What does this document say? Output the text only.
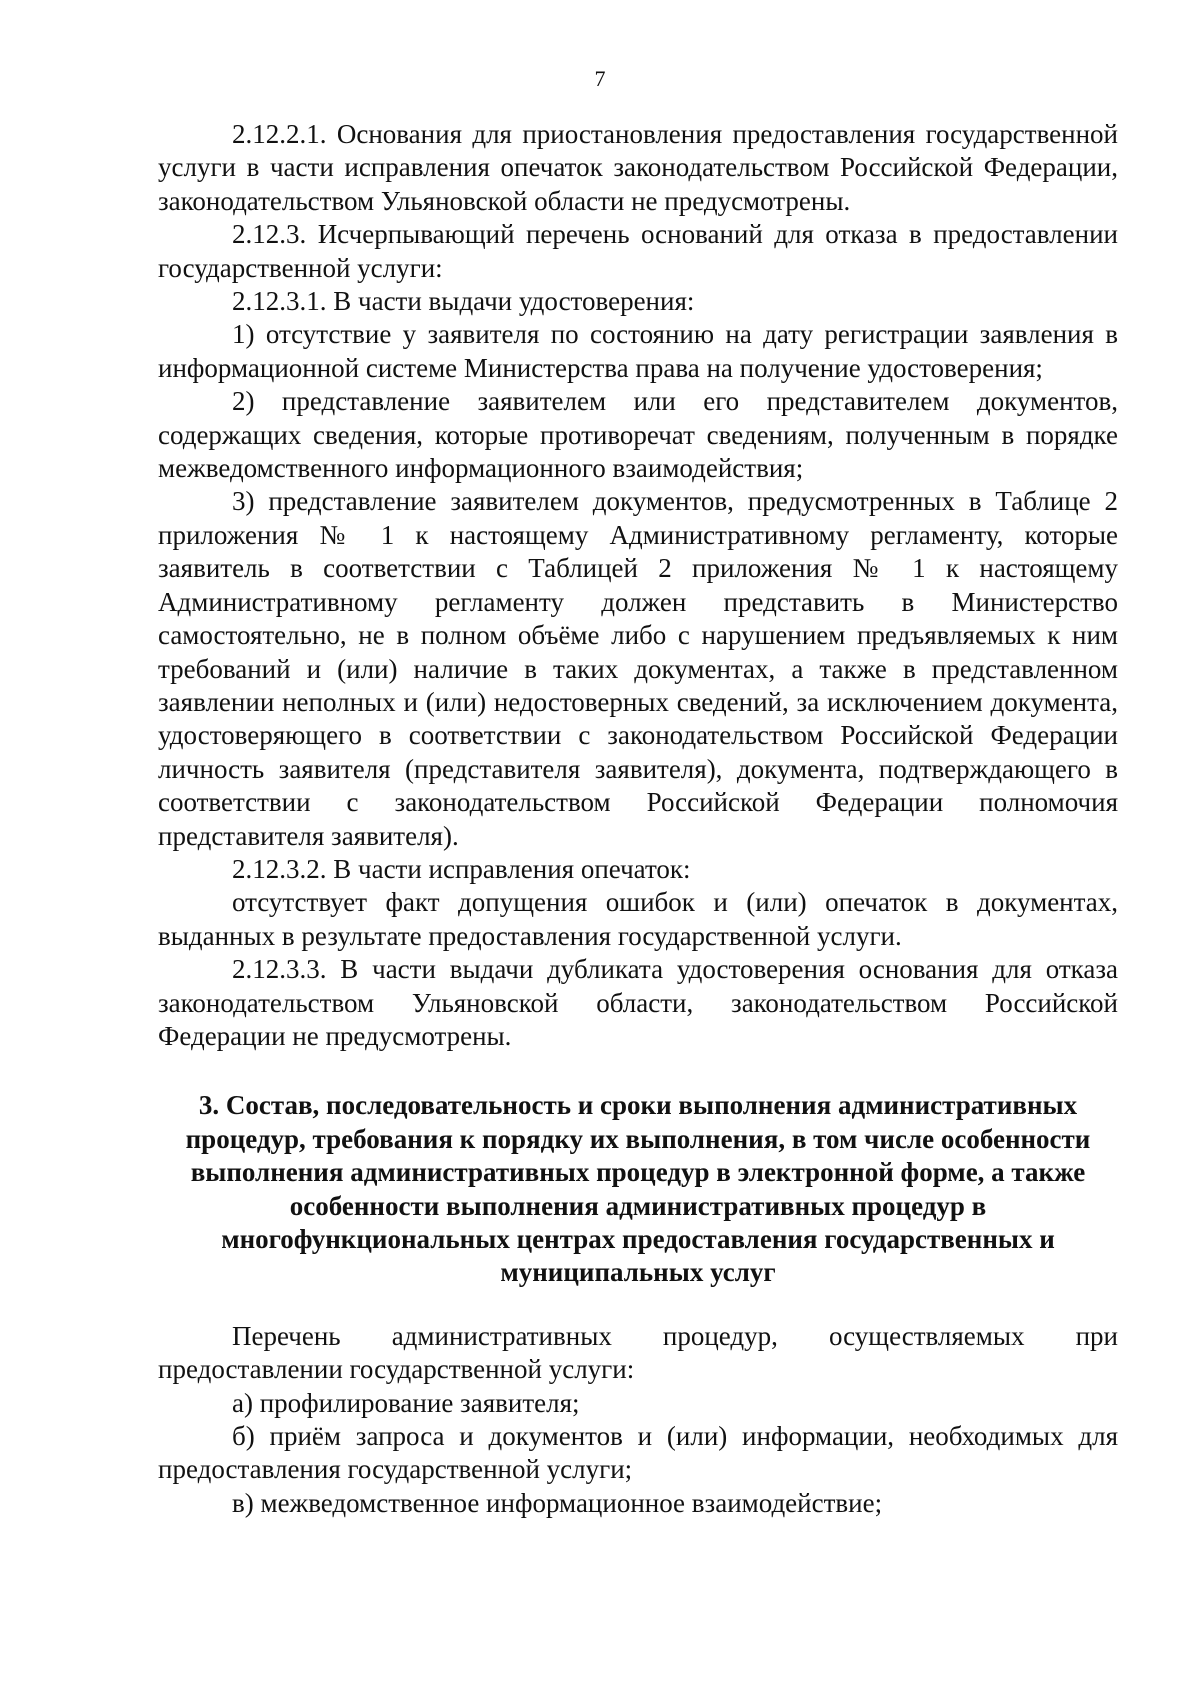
7

2.12.2.1. Основания для приостановления предоставления государственной услуги в части исправления опечаток законодательством Российской Федерации, законодательством Ульяновской области не предусмотрены.

2.12.3. Исчерпывающий перечень оснований для отказа в предоставлении государственной услуги:

2.12.3.1. В части выдачи удостоверения:

1) отсутствие у заявителя по состоянию на дату регистрации заявления в информационной системе Министерства права на получение удостоверения;

2) представление заявителем или его представителем документов, содержащих сведения, которые противоречат сведениям, полученным в порядке межведомственного информационного взаимодействия;

3) представление заявителем документов, предусмотренных в Таблице 2 приложения № 1 к настоящему Административному регламенту, которые заявитель в соответствии с Таблицей 2 приложения № 1 к настоящему Административному регламенту должен представить в Министерство самостоятельно, не в полном объёме либо с нарушением предъявляемых к ним требований и (или) наличие в таких документах, а также в представленном заявлении неполных и (или) недостоверных сведений, за исключением документа, удостоверяющего в соответствии с законодательством Российской Федерации личность заявителя (представителя заявителя), документа, подтверждающего в соответствии с законодательством Российской Федерации полномочия представителя заявителя).

2.12.3.2. В части исправления опечаток:

отсутствует факт допущения ошибок и (или) опечаток в документах, выданных в результате предоставления государственной услуги.

2.12.3.3. В части выдачи дубликата удостоверения основания для отказа законодательством Ульяновской области, законодательством Российской Федерации не предусмотрены.

3. Состав, последовательность и сроки выполнения административных процедур, требования к порядку их выполнения, в том числе особенности выполнения административных процедур в электронной форме, а также особенности выполнения административных процедур в многофункциональных центрах предоставления государственных и муниципальных услуг

Перечень административных процедур, осуществляемых при предоставлении государственной услуги:

а) профилирование заявителя;

б) приём запроса и документов и (или) информации, необходимых для предоставления государственной услуги;

в) межведомственное информационное взаимодействие;
